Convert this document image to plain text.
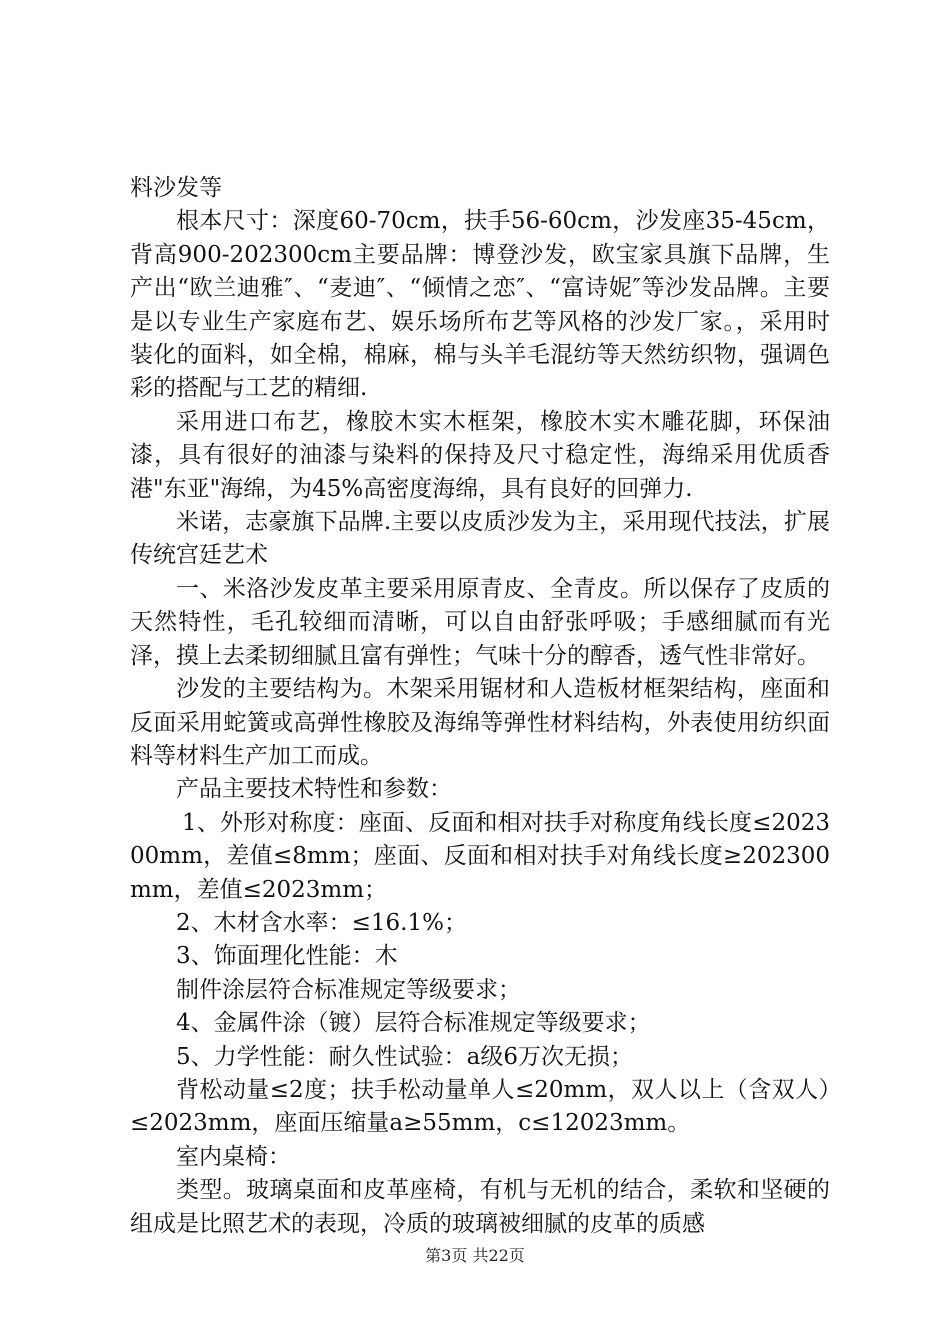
料沙发等

根本尺寸：深度60-70cm，扶手56-60cm，沙发座35-45cm，背高900-202300cm主要品牌：博登沙发，欧宝家具旗下品牌，生产出“欧兰迪雅″、“麦迪″、“倾情之恋″、“富诗妮″等沙发品牌。主要是以专业生产家庭布艺、娱乐场所布艺等风格的沙发厂家。，采用时装化的面料，如全棉，棉麻，棉与头羊毛混纺等天然纺织物，强调色彩的搭配与工艺的精细.

采用进口布艺，橡胶木实木框架，橡胶木实木雕花脚，环保油漆，具有很好的油漆与染料的保持及尺寸稳定性，海绵采用优质香港"东亚"海绵，为45%高密度海绵，具有良好的回弹力.

米诺，志豪旗下品牌.主要以皮质沙发为主，采用现代技法，扩展传统宫廷艺术

一、米洛沙发皮革主要采用原青皮、全青皮。所以保存了皮质的天然特性，毛孔较细而清晰，可以自由舒张呼吸；手感细腻而有光泽，摸上去柔韧细腻且富有弹性；气味十分的醇香，透气性非常好。

沙发的主要结构为。木架采用锯材和人造板材框架结构，座面和反面采用蛇簧或高弹性橡胶及海绵等弹性材料结构，外表使用纺织面料等材料生产加工而成。

产品主要技术特性和参数：

1、外形对称度：座面、反面和相对扶手对称度角线长度≤202300mm，差值≤8mm；座面、反面和相对扶手对角线长度≥202300mm，差值≤2023mm；

2、木材含水率：≤16.1%；

3、饰面理化性能：木

制件涂层符合标准规定等级要求；

4、金属件涂（镀）层符合标准规定等级要求；

5、力学性能：耐久性试验：a级6万次无损；

背松动量≤2度；扶手松动量单人≤20mm，双人以上（含双人）≤2023mm，座面压缩量a≥55mm，c≤12023mm。

室内桌椅：

类型。玻璃桌面和皮革座椅，有机与无机的结合，柔软和坚硬的组成是比照艺术的表现，冷质的玻璃被细腻的皮革的质感

第3页 共22页
